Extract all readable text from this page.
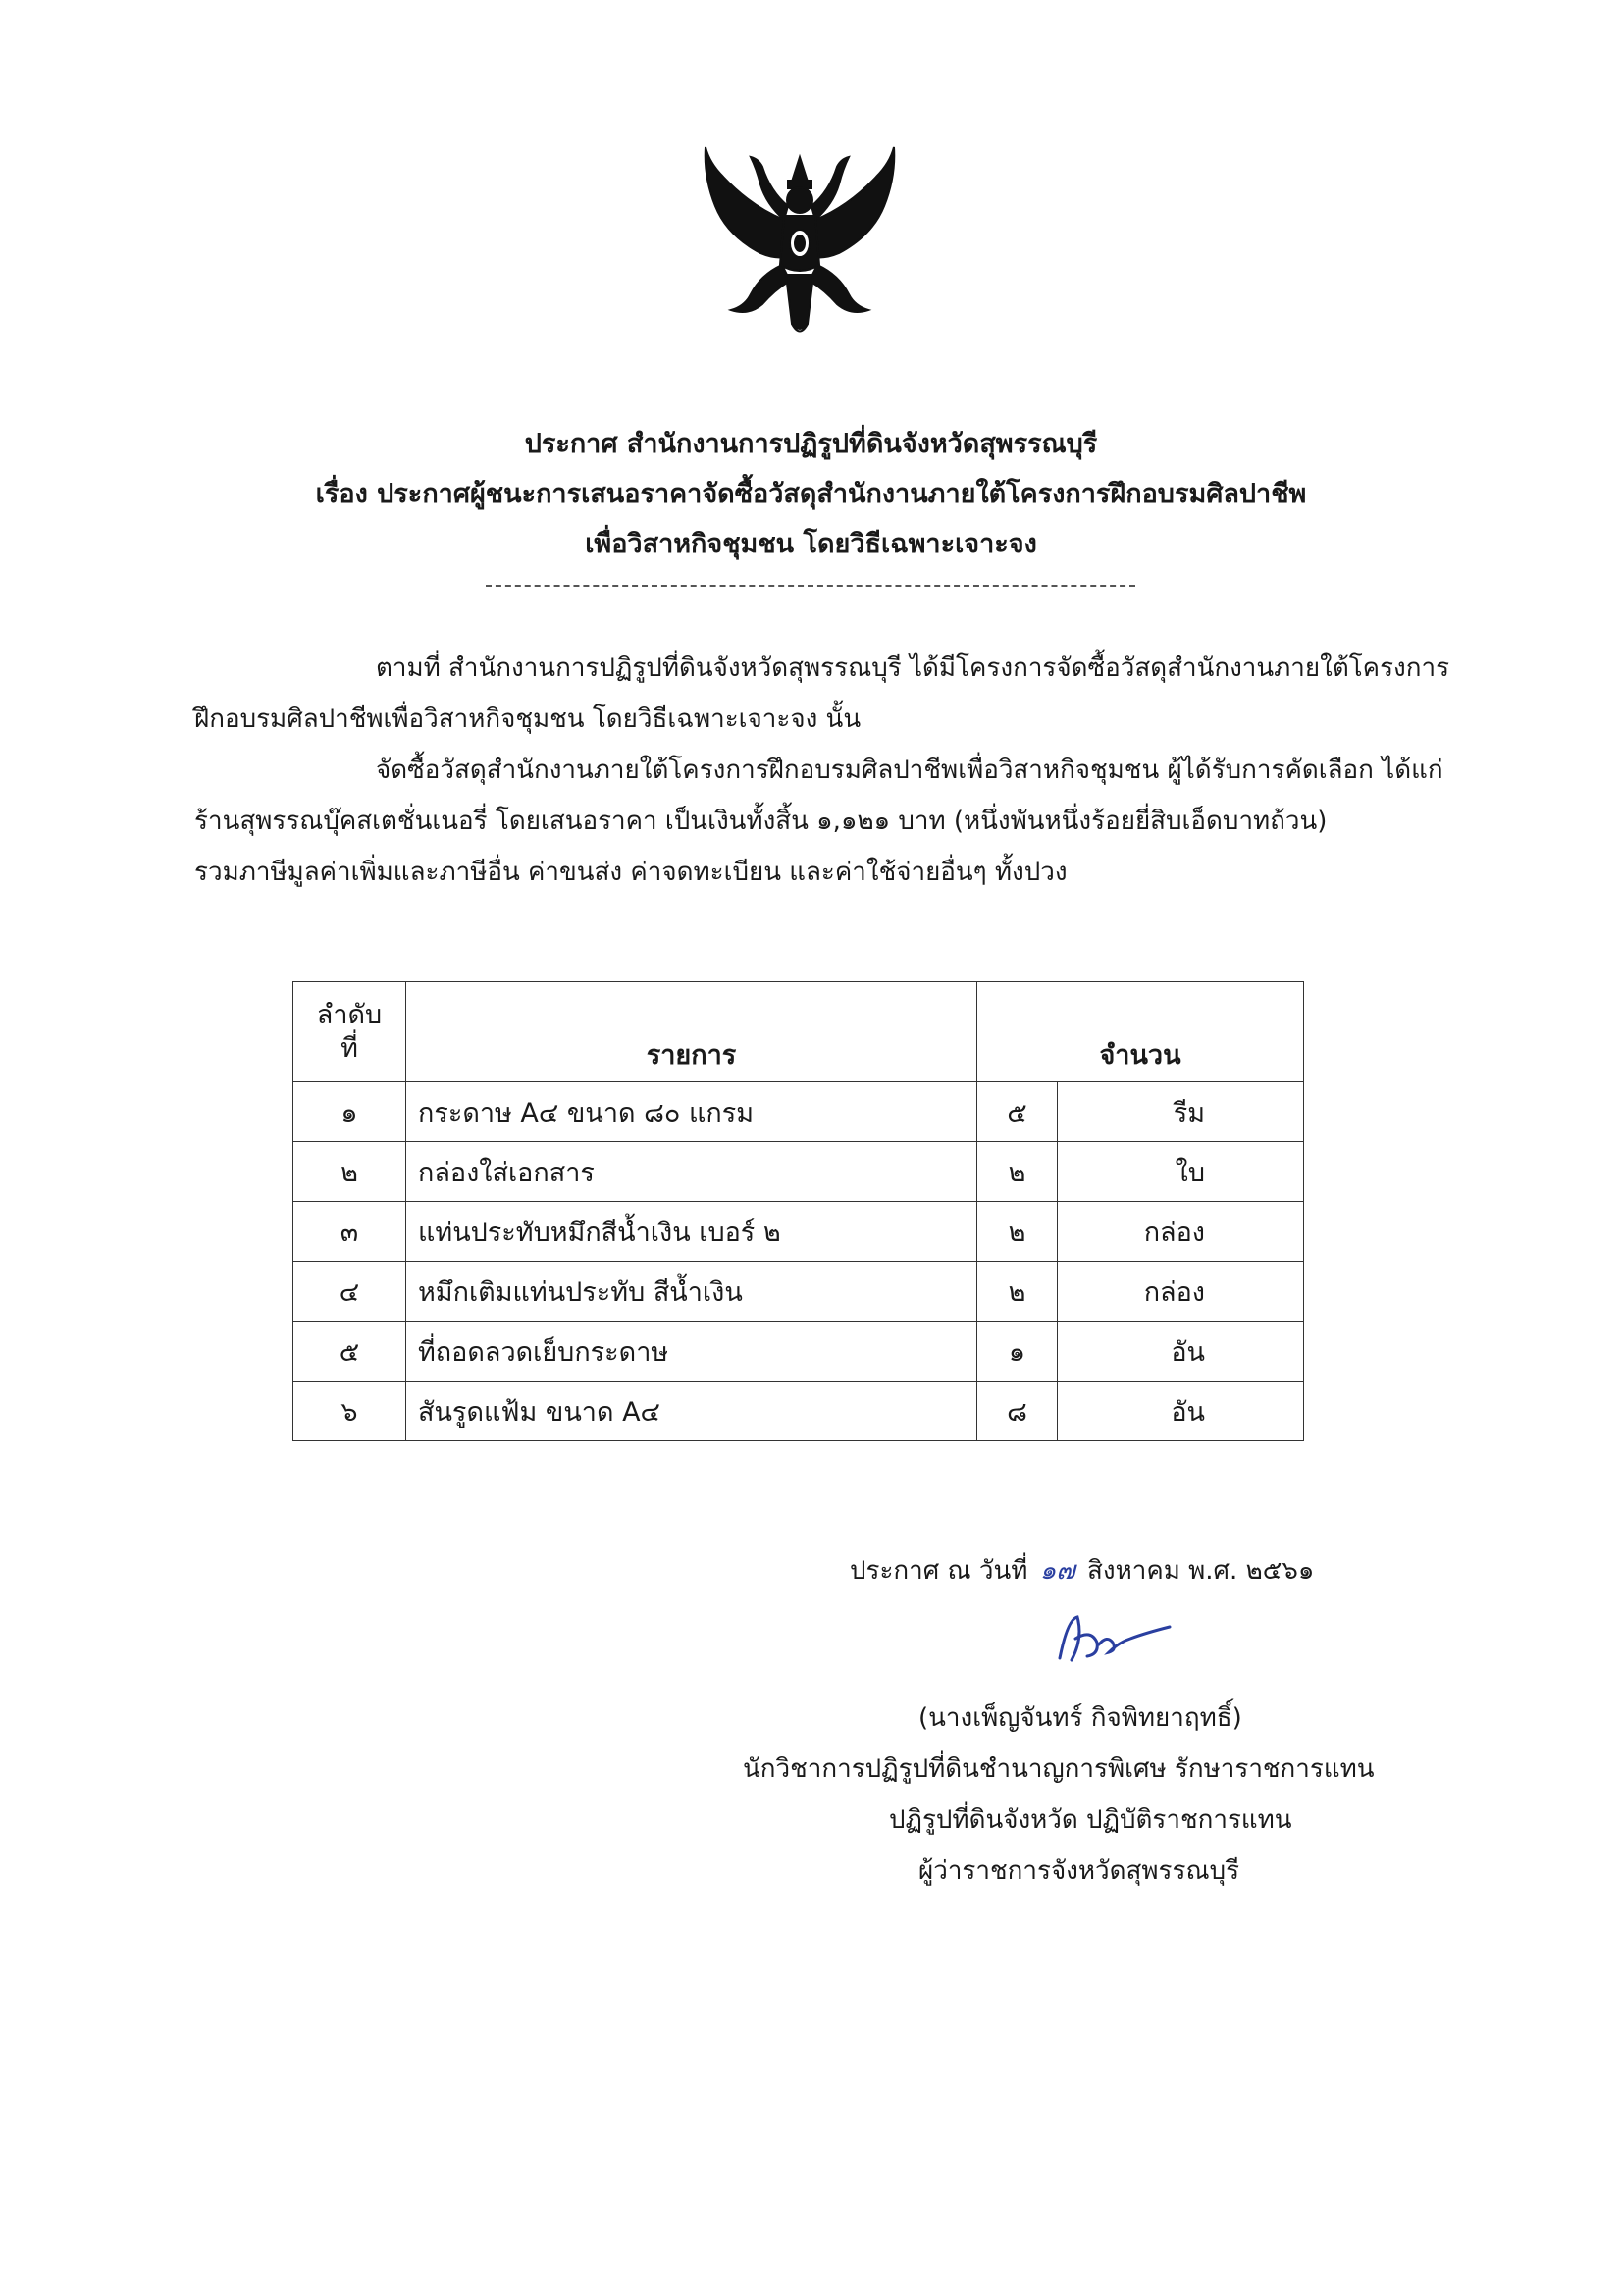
ประกาศ สำนักงานการปฏิรูปที่ดินจังหวัดสุพรรณบุรี
เรื่อง ประกาศผู้ชนะการเสนอราคาจัดซื้อวัสดุสำนักงานภายใต้โครงการฝึกอบรมศิลปาชีพ
เพื่อวิสาหกิจชุมชน โดยวิธีเฉพาะเจาะจง
ตามที่ สำนักงานการปฏิรูปที่ดินจังหวัดสุพรรณบุรี ได้มีโครงการจัดซื้อวัสดุสำนักงานภายใต้โครงการ
ฝึกอบรมศิลปาชีพเพื่อวิสาหกิจชุมชน โดยวิธีเฉพาะเจาะจง นั้น
จัดซื้อวัสดุสำนักงานภายใต้โครงการฝึกอบรมศิลปาชีพเพื่อวิสาหกิจชุมชน ผู้ได้รับการคัดเลือก ได้แก่
ร้านสุพรรณบุ๊คสเตชั่นเนอรี่ โดยเสนอราคา เป็นเงินทั้งสิ้น ๑,๑๒๑ บาท (หนึ่งพันหนึ่งร้อยยี่สิบเอ็ดบาทถ้วน)
รวมภาษีมูลค่าเพิ่มและภาษีอื่น ค่าขนส่ง ค่าจดทะเบียน และค่าใช้จ่ายอื่นๆ ทั้งปวง
ลำดับ
ที่	รายการ	จำนวน	
๑	กระดาษ A๔ ขนาด ๘๐ แกรม	๕	รีม
๒	กล่องใส่เอกสาร	๒	ใบ
๓	แท่นประทับหมึกสีน้ำเงิน เบอร์ ๒	๒	กล่อง
๔	หมึกเติมแท่นประทับ สีน้ำเงิน	๒	กล่อง
๕	ที่ถอดลวดเย็บกระดาษ	๑	อัน
๖	สันรูดแฟ้ม ขนาด A๔	๘	อัน
ประกาศ ณ วันที่ ๑๗ สิงหาคม พ.ศ. ๒๕๖๑
(นางเพ็ญจันทร์ กิจพิทยาฤทธิ์)
นักวิชาการปฏิรูปที่ดินชำนาญการพิเศษ รักษาราชการแทน
ปฏิรูปที่ดินจังหวัด ปฏิบัติราชการแทน
ผู้ว่าราชการจังหวัดสุพรรณบุรี
